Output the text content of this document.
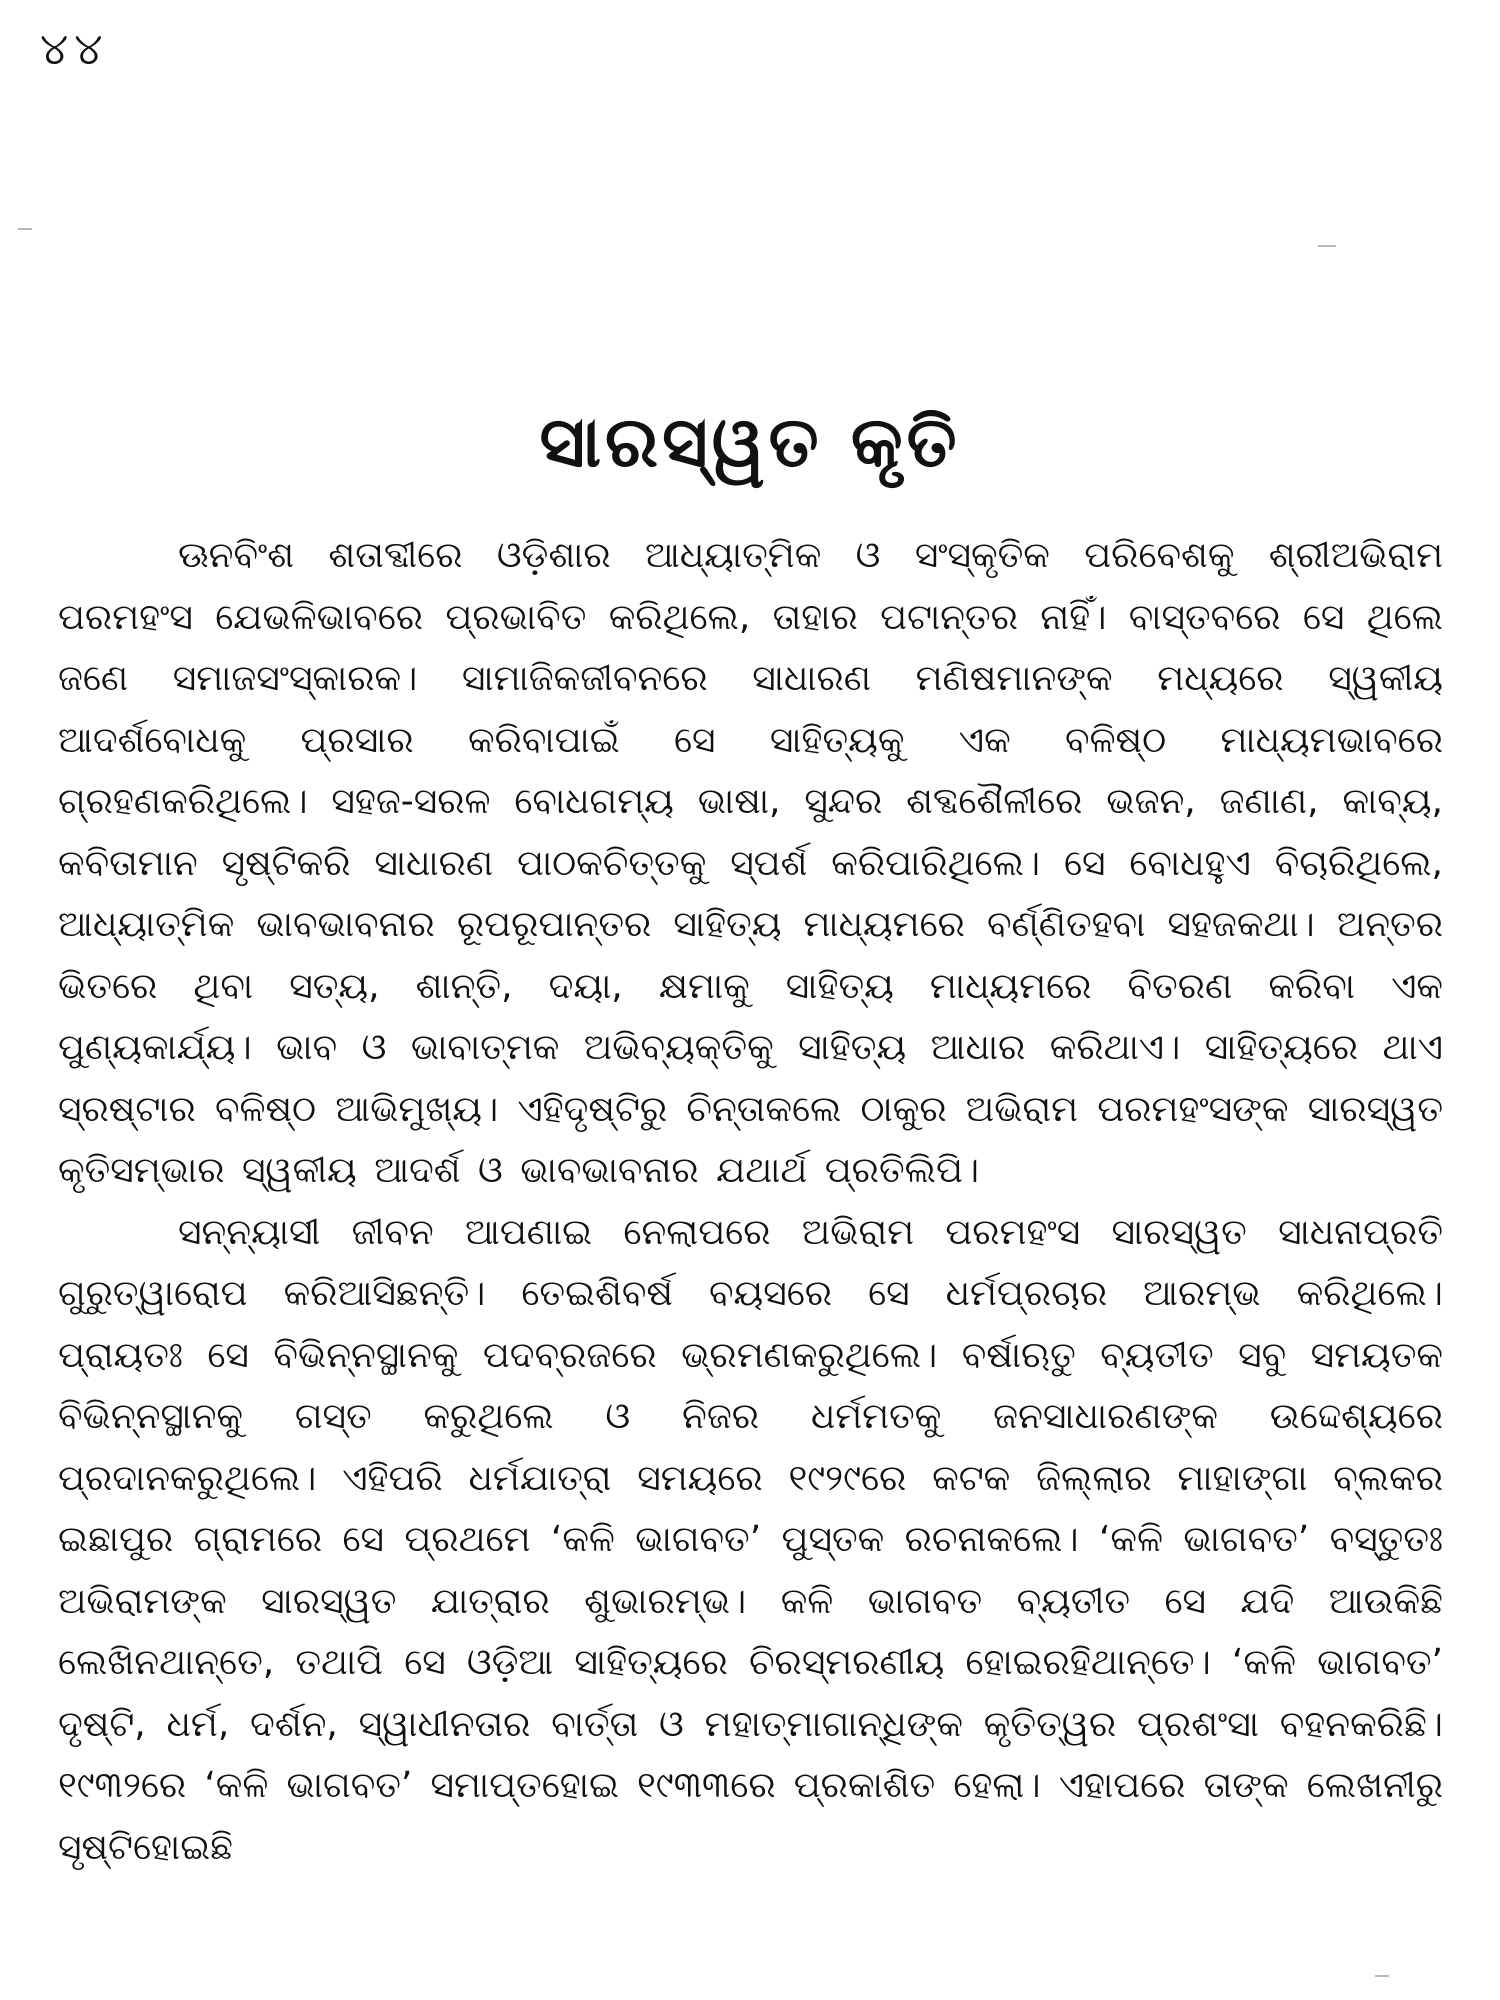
୪୪
ସାରସ୍ୱତ କୃତି

ଊନବିଂଶ ଶତାବ୍ଦୀରେ ଓଡ଼ିଶାର ଆଧ୍ୟାତ୍ମିକ ଓ ସଂସ୍କୃତିକ ପରିବେଶକୁ ଶ୍ରୀଅଭିରାମ ପରମହଂସ ଯେଭଳିଭାବରେ ପ୍ରଭାବିତ କରିଥିଲେ, ତାହାର ପଟାନ୍ତର ନାହିଁ। ବାସ୍ତବରେ ସେ ଥିଲେ ଜଣେ ସମାଜସଂସ୍କାରକ। ସାମାଜିକଜୀବନରେ ସାଧାରଣ ମଣିଷମାନଙ୍କ ମଧ୍ୟରେ ସ୍ୱକୀୟ ଆଦର୍ଶବୋଧକୁ ପ୍ରସାର କରିବାପାଇଁ ସେ ସାହିତ୍ୟକୁ ଏକ ବଳିଷ୍ଠ ମାଧ୍ୟମଭାବରେ ଗ୍ରହଣକରିଥିଲେ। ସହଜ-ସରଳ ବୋଧଗମ୍ୟ ଭାଷା, ସୁନ୍ଦର ଶବ୍ଦଶୈଳୀରେ ଭଜନ, ଜଣାଣ, କାବ୍ୟ, କବିତାମାନ ସୃଷ୍ଟିକରି ସାଧାରଣ ପାଠକଚିତ୍ତକୁ ସ୍ପର୍ଶ କରିପାରିଥିଲେ। ସେ ବୋଧହୁଏ ବିଚାରିଥିଲେ, ଆଧ୍ୟାତ୍ମିକ ଭାବଭାବନାର ରୂପରୂପାନ୍ତର ସାହିତ୍ୟ ମାଧ୍ୟମରେ ବର୍ଣ୍ଣିତହବା ସହଜକଥା। ଅନ୍ତର ଭିତରେ ଥିବା ସତ୍ୟ, ଶାନ୍ତି, ଦୟା, କ୍ଷମାକୁ ସାହିତ୍ୟ ମାଧ୍ୟମରେ ବିତରଣ କରିବା ଏକ ପୁଣ୍ୟକାର୍ଯ୍ୟ। ଭାବ ଓ ଭାବାତ୍ମକ ଅଭିବ୍ୟକ୍ତିକୁ ସାହିତ୍ୟ ଆଧାର କରିଥାଏ। ସାହିତ୍ୟରେ ଥାଏ ସ୍ରଷ୍ଟାର ବଳିଷ୍ଠ ଆଭିମୁଖ୍ୟ। ଏହିଦୃଷ୍ଟିରୁ ଚିନ୍ତାକଲେ ଠାକୁର ଅଭିରାମ ପରମହଂସଙ୍କ ସାରସ୍ୱତ କୃତିସମ୍ଭାର ସ୍ୱକୀୟ ଆଦର୍ଶ ଓ ଭାବଭାବନାର ଯଥାର୍ଥ ପ୍ରତିଲିପି।

ସନ୍ନ୍ୟାସୀ ଜୀବନ ଆପଣାଇ ନେଲାପରେ ଅଭିରାମ ପରମହଂସ ସାରସ୍ୱତ ସାଧନାପ୍ରତି ଗୁରୁତ୍ୱାରୋପ କରିଆସିଛନ୍ତି। ତେଇଶିବର୍ଷ ବୟସରେ ସେ ଧର୍ମପ୍ରଚାର ଆରମ୍ଭ କରିଥିଲେ। ପ୍ରାୟତଃ ସେ ବିଭିନ୍ନସ୍ଥାନକୁ ପଦବ୍ରଜରେ ଭ୍ରମଣକରୁଥିଲେ। ବର୍ଷାଋତୁ ବ୍ୟତୀତ ସବୁ ସମୟତକ ବିଭିନ୍ନସ୍ଥାନକୁ ଗସ୍ତ କରୁଥିଲେ ଓ ନିଜର ଧର୍ମମତକୁ ଜନସାଧାରଣଙ୍କ ଉଦ୍ଦେଶ୍ୟରେ ପ୍ରଦାନକରୁଥିଲେ। ଏହିପରି ଧର୍ମଯାତ୍ରା ସମୟରେ ୧୯୨୯ରେ କଟକ ଜିଲ୍ଲାର ମାହାଙ୍ଗା ବ୍ଲକର ଇଛାପୁର ଗ୍ରାମରେ ସେ ପ୍ରଥମେ ‘କଳି ଭାଗବତ’ ପୁସ୍ତକ ରଚନାକଲେ। ‘କଳି ଭାଗବତ’ ବସ୍ତୁତଃ ଅଭିରାମଙ୍କ ସାରସ୍ୱତ ଯାତ୍ରାର ଶୁଭାରମ୍ଭ। କଳି ଭାଗବତ ବ୍ୟତୀତ ସେ ଯଦି ଆଉକିଛି ଲେଖିନଥାନ୍ତେ, ତଥାପି ସେ ଓଡ଼ିଆ ସାହିତ୍ୟରେ ଚିରସ୍ମରଣୀୟ ହୋଇରହିଥାନ୍ତେ। ‘କଳି ଭାଗବତ’ ଦୃଷ୍ଟି, ଧର୍ମ, ଦର୍ଶନ, ସ୍ୱାଧୀନତାର ବାର୍ତ୍ତା ଓ ମହାତ୍ମାଗାନ୍ଧିଙ୍କ କୃତିତ୍ୱର ପ୍ରଶଂସା ବହନକରିଛି। ୧୯୩୨ରେ ‘କଳି ଭାଗବତ’ ସମାପ୍ତହୋଇ ୧୯୩୩ରେ ପ୍ରକାଶିତ ହେଲା। ଏହାପରେ ତାଙ୍କ ଲେଖନୀରୁ ସୃଷ୍ଟିହୋଇଛି
